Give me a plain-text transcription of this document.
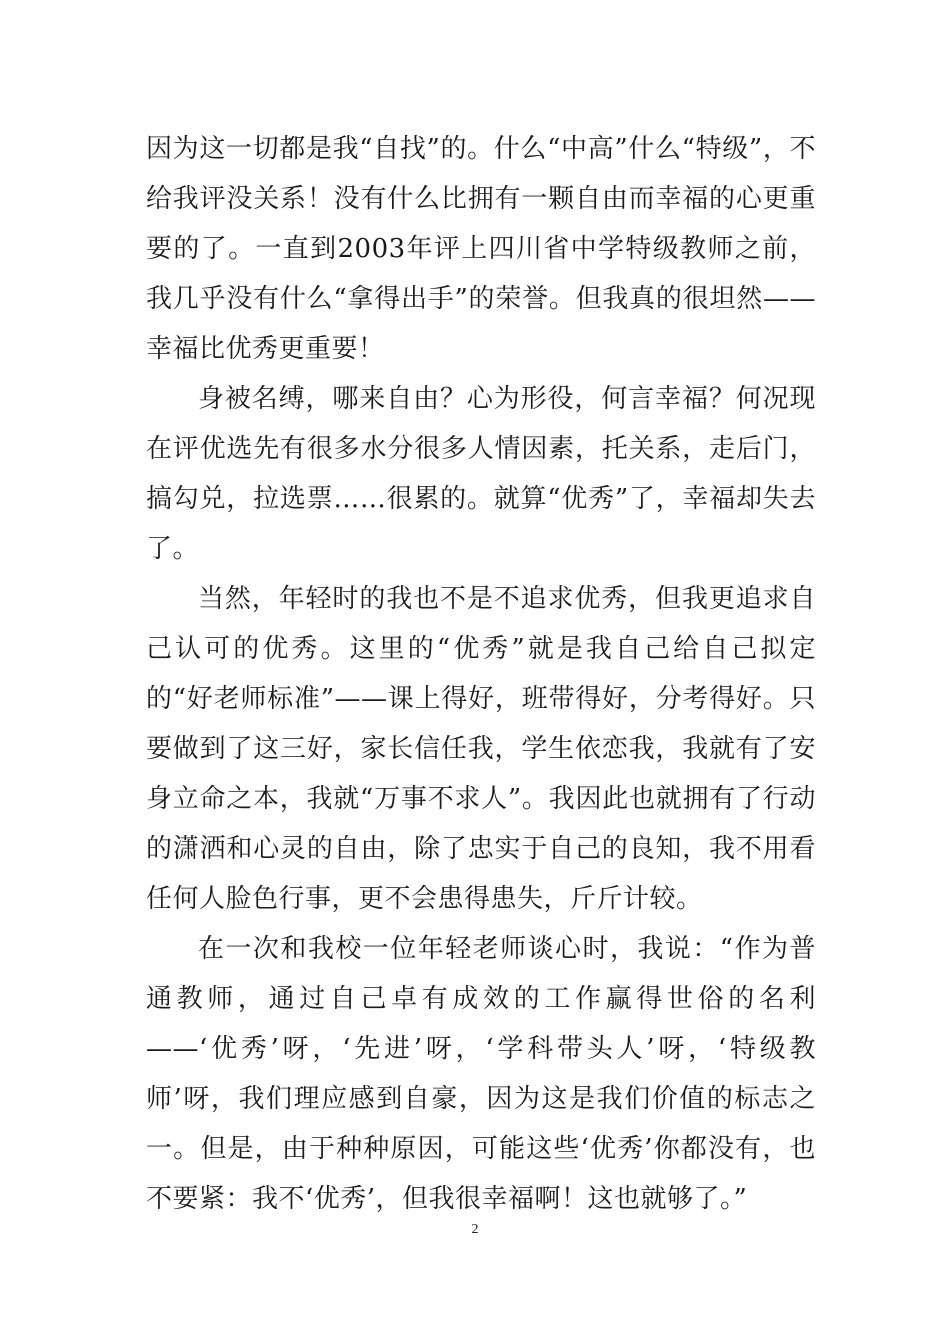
因为这一切都是我“自找”的。什么“中高”什么“特级”，不给我评没关系！没有什么比拥有一颗自由而幸福的心更重要的了。一直到2003年评上四川省中学特级教师之前，我几乎没有什么“拿得出手”的荣誉。但我真的很坦然——幸福比优秀更重要！

身被名缚，哪来自由？心为形役，何言幸福？何况现在评优选先有很多水分很多人情因素，托关系，走后门，搞勾兑，拉选票……很累的。就算“优秀”了，幸福却失去了。

当然，年轻时的我也不是不追求优秀，但我更追求自己认可的优秀。这里的“优秀”就是我自己给自己拟定的“好老师标准”——课上得好，班带得好，分考得好。只要做到了这三好，家长信任我，学生依恋我，我就有了安身立命之本，我就“万事不求人”。我因此也就拥有了行动的潇洒和心灵的自由，除了忠实于自己的良知，我不用看任何人脸色行事，更不会患得患失，斤斤计较。

在一次和我校一位年轻老师谈心时，我说：“作为普通教师，通过自己卓有成效的工作赢得世俗的名利——‘优秀’呀，‘先进’呀，‘学科带头人’呀，‘特级教师’呀，我们理应感到自豪，因为这是我们价值的标志之一。但是，由于种种原因，可能这些‘优秀’你都没有，也不要紧：我不‘优秀’，但我很幸福啊！这也就够了。”

2
